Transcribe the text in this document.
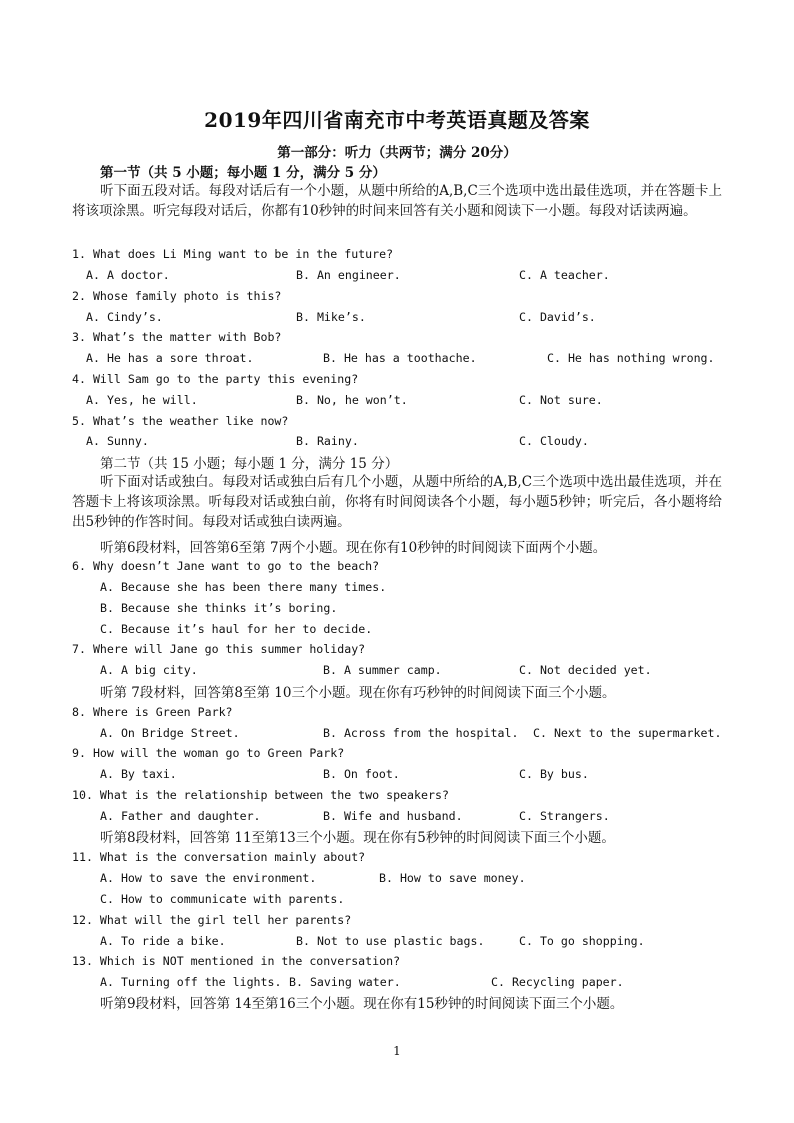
2019年四川省南充市中考英语真题及答案
第一部分：听力（共两节；满分 20分）
第一节（共 5 小题；每小题 1 分，满分 5 分）
听下面五段对话。每段对话后有一个小题，从题中所给的A,B,C三个选项中选出最佳选项，并在答题卡上将该项涂黑。听完每段对话后，你都有10秒钟的时间来回答有关小题和阅读下一小题。每段对话读两遍。
1. What does Li Ming want to be in the future?
A. A doctor.	B. An engineer.	C. A teacher.
2. Whose family photo is this?
A. Cindy’s.	B. Mike’s.	C. David’s.
3. What’s the matter with Bob?
A. He has a sore throat.	B. He has a toothache.	C. He has nothing wrong.
4. Will Sam go to the party this evening?
A. Yes, he will.	B. No, he won’t.	C. Not sure.
5. What’s the weather like now?
A. Sunny.	B. Rainy.	C. Cloudy.
第二节（共 15 小题；每小题 1 分，满分 15 分）
听下面对话或独白。每段对话或独白后有几个小题，从题中所给的A,B,C三个选项中选出最佳选项，并在答题卡上将该项涂黑。听每段对话或独白前，你将有时间阅读各个小题，每小题5秒钟；听完后，各小题将给出5秒钟的作答时间。每段对话或独白读两遍。
听第6段材料，回答第6至第 7两个小题。现在你有10秒钟的时间阅读下面两个小题。
6. Why doesn’t Jane want to go to the beach?
A. Because she has been there many times.
B. Because she thinks it’s boring.
C. Because it’s haul for her to decide.
7. Where will Jane go this summer holiday?
A. A big city.	B. A summer camp.	C. Not decided yet.
听第 7段材料，回答第8至第 10三个小题。现在你有巧秒钟的时间阅读下面三个小题。
8. Where is Green Park?
A. On Bridge Street.	B. Across from the hospital. C. Next to the supermarket.
9. How will the woman go to Green Park?
A. By taxi.	B. On foot.	C. By bus.
10. What is the relationship between the two speakers?
A. Father and daughter.	B. Wife and husband.	C. Strangers.
听第8段材料，回答第 11至第13三个小题。现在你有5秒钟的时间阅读下面三个小题。
11. What is the conversation mainly about?
A. How to save the environment.	B. How to save money.
C. How to communicate with parents.
12. What will the girl tell her parents?
A. To ride a bike.	B. Not to use plastic bags.	C. To go shopping.
13. Which is NOT mentioned in the conversation?
A. Turning off the lights. B. Saving water.	C. Recycling paper.
听第9段材料，回答第 14至第16三个小题。现在你有15秒钟的时间阅读下面三个小题。
1
